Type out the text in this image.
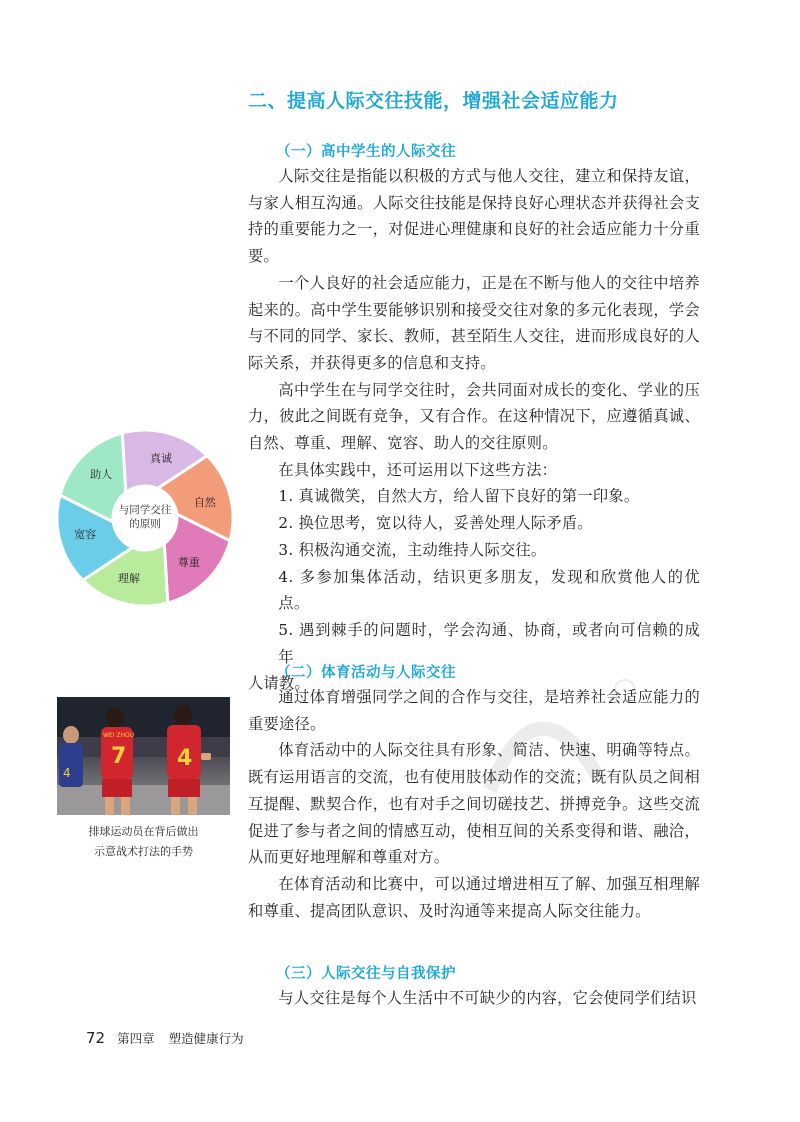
二、提高人际交往技能，增强社会适应能力
（一）高中学生的人际交往

人际交往是指能以积极的方式与他人交往，建立和保持友谊，与家人相互沟通。人际交往技能是保持良好心理状态并获得社会支持的重要能力之一，对促进心理健康和良好的社会适应能力十分重要。

一个人良好的社会适应能力，正是在不断与他人的交往中培养起来的。高中学生要能够识别和接受交往对象的多元化表现，学会与不同的同学、家长、教师，甚至陌生人交往，进而形成良好的人际关系，并获得更多的信息和支持。

高中学生在与同学交往时，会共同面对成长的变化、学业的压力，彼此之间既有竞争，又有合作。在这种情况下，应遵循真诚、自然、尊重、理解、宽容、助人的交往原则。

在具体实践中，还可运用以下这些方法：

1. 真诚微笑，自然大方，给人留下良好的第一印象。

2. 换位思考，宽以待人，妥善处理人际矛盾。

3. 积极沟通交流，主动维持人际交往。

4. 多参加集体活动，结识更多朋友，发现和欣赏他人的优点。

5. 遇到棘手的问题时，学会沟通、协商，或者向可信赖的成年

人请教。

与同学交往
的原则
真诚
自然
尊重
理解
宽容
助人
4
WEI ZHOU
7 4
排球运动员在背后做出
示意战术打法的手势
（二）体育活动与人际交往

通过体育增强同学之间的合作与交往，是培养社会适应能力的重要途径。

体育活动中的人际交往具有形象、简洁、快速、明确等特点。既有运用语言的交流，也有使用肢体动作的交流；既有队员之间相互提醒、默契合作，也有对手之间切磋技艺、拼搏竞争。这些交流促进了参与者之间的情感互动，使相互间的关系变得和谐、融洽，从而更好地理解和尊重对方。

在体育活动和比赛中，可以通过增进相互了解、加强互相理解和尊重、提高团队意识、及时沟通等来提高人际交往能力。

（三）人际交往与自我保护

与人交往是每个人生活中不可缺少的内容，它会使同学们结识

72 第四章 塑造健康行为
